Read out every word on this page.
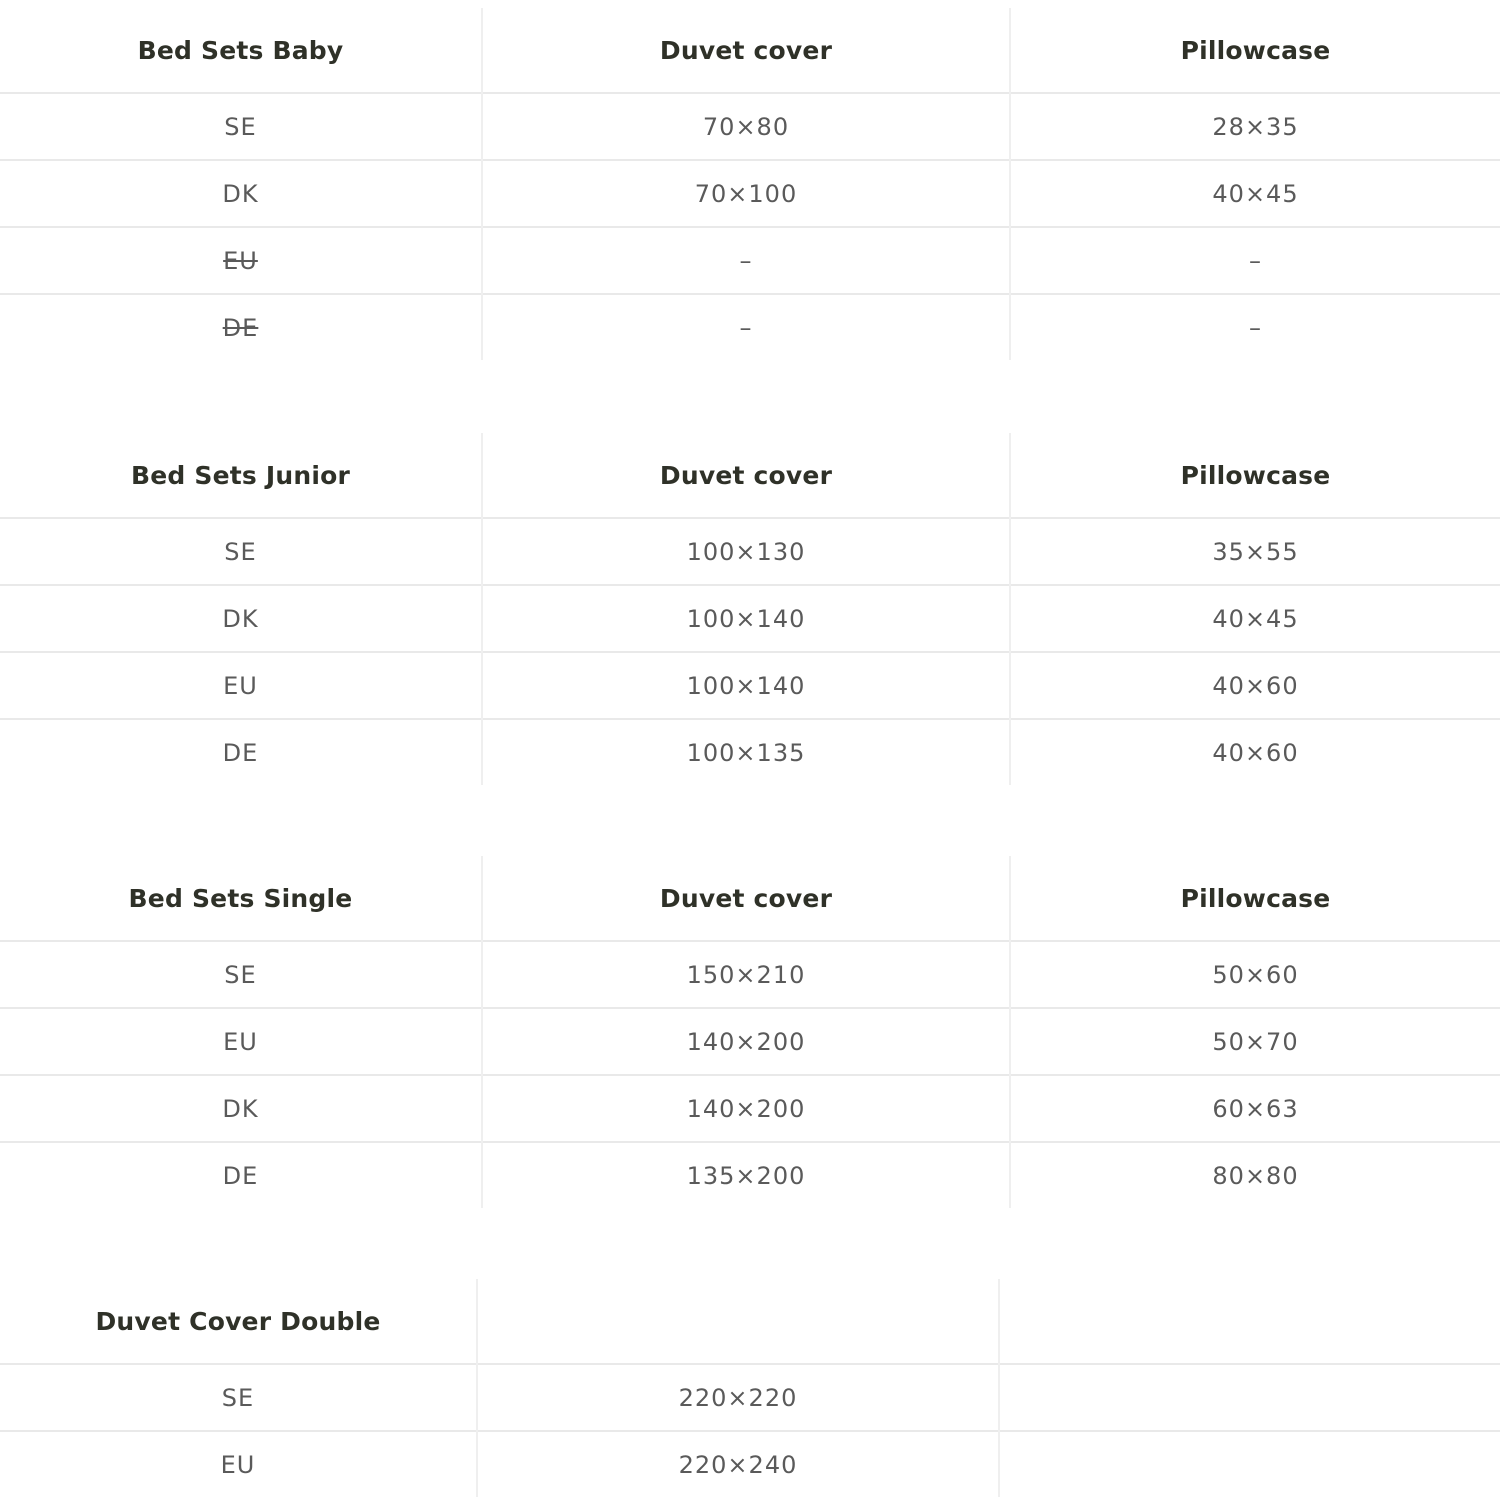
Bed Sets Baby	Duvet cover	Pillowcase
SE	70×80	28×35
DK	70×100	40×45
EU	–	–
DE	–	–
Bed Sets Junior	Duvet cover	Pillowcase
SE	100×130	35×55
DK	100×140	40×45
EU	100×140	40×60
DE	100×135	40×60
Bed Sets Single	Duvet cover	Pillowcase
SE	150×210	50×60
EU	140×200	50×70
DK	140×200	60×63
DE	135×200	80×80
Duvet Cover Double		
SE	220×220	
EU	220×240	
